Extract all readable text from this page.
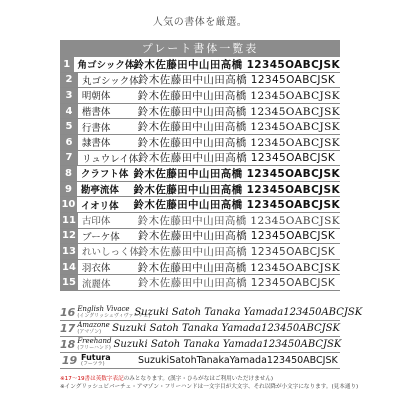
人気の書体を厳選。
プレート書体一覧表
1 角ゴシック体 鈴木佐藤田中山田高橋 12345OABCJSK
2	丸ゴシック体 鈴木佐藤田中山田高橋 12345OABCJSK
3 明朝体	鈴木佐藤田中山田高橋 12345OABCJSK
4 楷書体	鈴木佐藤田中山田高橋 12345OABCJSK
5 行書体	鈴木佐藤田中山田高橋 12345OABCJSK
6 隷書体	鈴木佐藤田中山田高橋 12345OABCJSK
7	リュウレイ体 鈴木佐藤田中山田高橋 12345OABCJSK
8 クラフト体 鈴木佐藤田中山田高橋 12345OABCJSK
9 勘亭流体	鈴木佐藤田中山田高橋 12345OABCJSK
10 イオリ体	鈴木佐藤田中山田高橋 12345OABCJSK
11 古印体	鈴木佐藤田中山田高橋 12345OABCJSK
12 ブーケ体	鈴木佐藤田中山田高橋 12345OABCJSK
13 れいしっく体
鈴木佐藤田中山田高橋 12345OABCJSK
14 羽衣体	鈴木佐藤田中山田高橋 12345OABCJSK
15 流麗体	鈴木佐藤田中山田高橋 12345OABCJSK
16 English Vivace
(イングリッシュヴィヴァーチェ)
Suzuki Satoh Tanaka Yamada123450ABCJSK
17 Amazone
(アマゾン)	Suzuki Satoh Tanaka Yamada123450ABCJSK
18 Freehand
(フリーハンド) Suzuki Satoh Tanaka Yamada123450ABCJSK
19 Futura
(フーツラ)	SuzukiSatohTanakaYamada123450ABCJSK
※17～19書は英数字表記のみとなります。(漢字・ひらがなはご利用いただけません)
※イングリッシュビバーチェ・アマゾン・フリーハンドは一文字目が大文字、それ以降が小文字になります。(見本通り)
